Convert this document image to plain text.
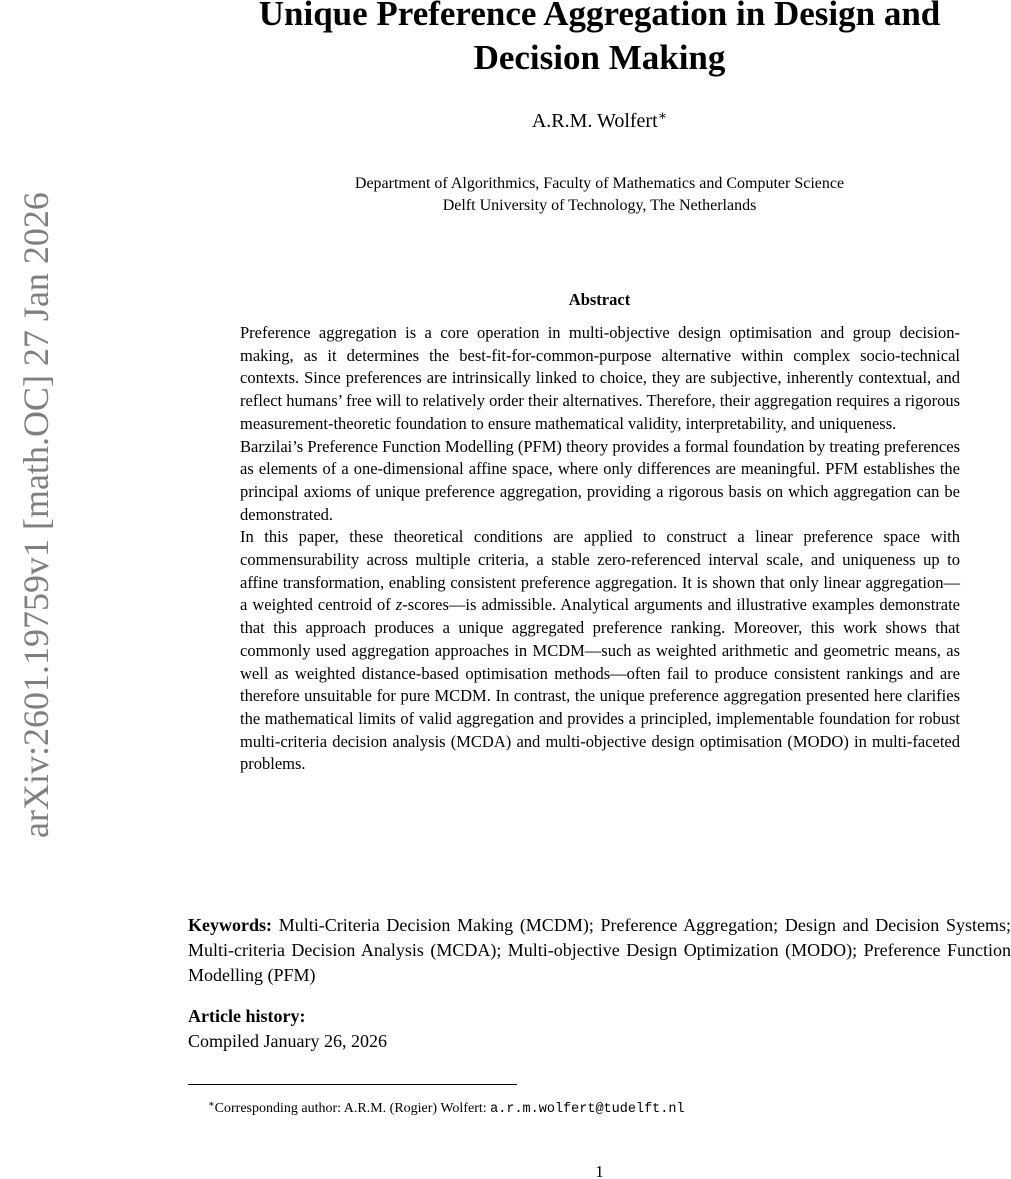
arXiv:2601.19759v1 [math.OC] 27 Jan 2026
Unique Preference Aggregation in Design and
Decision Making
A.R.M. Wolfert∗
Department of Algorithmics, Faculty of Mathematics and Computer Science
Delft University of Technology, The Netherlands
Abstract

Preference aggregation is a core operation in multi-objective design optimisation and group decision-making, as it determines the best-fit-for-common-purpose alternative within complex socio-technical contexts. Since preferences are intrinsically linked to choice, they are subjective, inherently contextual, and reflect humans’ free will to relatively order their alternatives. Therefore, their aggregation requires a rigorous measurement-theoretic foundation to ensure mathematical validity, interpretability, and uniqueness.

Barzilai’s Preference Function Modelling (PFM) theory provides a formal foundation by treating preferences as elements of a one-dimensional affine space, where only differences are meaningful. PFM establishes the principal axioms of unique preference aggregation, providing a rigorous basis on which aggregation can be demonstrated.

In this paper, these theoretical conditions are applied to construct a linear preference space with commensurability across multiple criteria, a stable zero-referenced interval scale, and uniqueness up to affine transformation, enabling consistent preference aggregation. It is shown that only linear aggregation—a weighted centroid of z-scores—is admissible. Analytical arguments and illustrative examples demonstrate that this approach produces a unique aggregated preference ranking. Moreover, this work shows that commonly used aggregation approaches in MCDM—such as weighted arithmetic and geometric means, as well as weighted distance-based optimisation methods—often fail to produce consistent rankings and are therefore unsuitable for pure MCDM. In contrast, the unique preference aggregation presented here clarifies the mathematical limits of valid aggregation and provides a principled, implementable foundation for robust multi-criteria decision analysis (MCDA) and multi-objective design optimisation (MODO) in multi-faceted problems.

Keywords: Multi-Criteria Decision Making (MCDM); Preference Aggregation; Design and Decision Systems; Multi-criteria Decision Analysis (MCDA); Multi-objective Design Optimization (MODO); Preference Function Modelling (PFM)
Article history:
Compiled January 26, 2026
∗Corresponding author: A.R.M. (Rogier) Wolfert: a.r.m.wolfert@tudelft.nl
1
